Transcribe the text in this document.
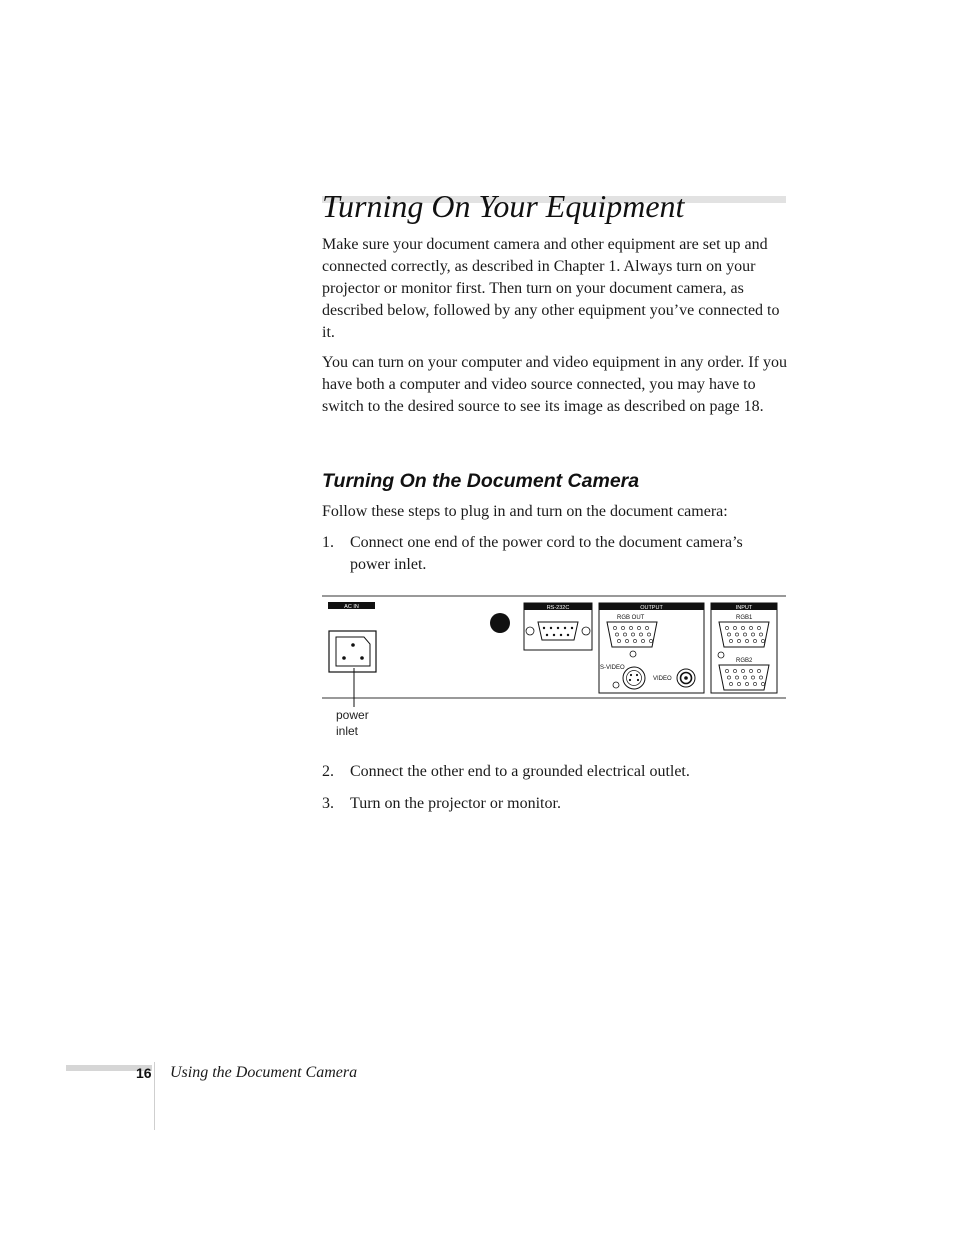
Turning On Your Equipment

Make sure your document camera and other equipment are set up and connected correctly, as described in Chapter 1. Always turn on your projector or monitor first. Then turn on your document camera, as described below, followed by any other equipment you’ve connected to it.

You can turn on your computer and video equipment in any order. If you have both a computer and video source connected, you may have to switch to the desired source to see its image as described on page 18.

Turning On the Document Camera

Follow these steps to plug in and turn on the document camera:

1. Connect one end of the power cord to the document camera’s power inlet.
AC IN	RS-232C	OUTPUT
RGB OUT
S-VIDEO
VIDEO
INPUT
RGB1
RGB2
power
inlet
2. Connect the other end to a grounded electrical outlet.
3. Turn on the projector or monitor.
16 Using the Document Camera
